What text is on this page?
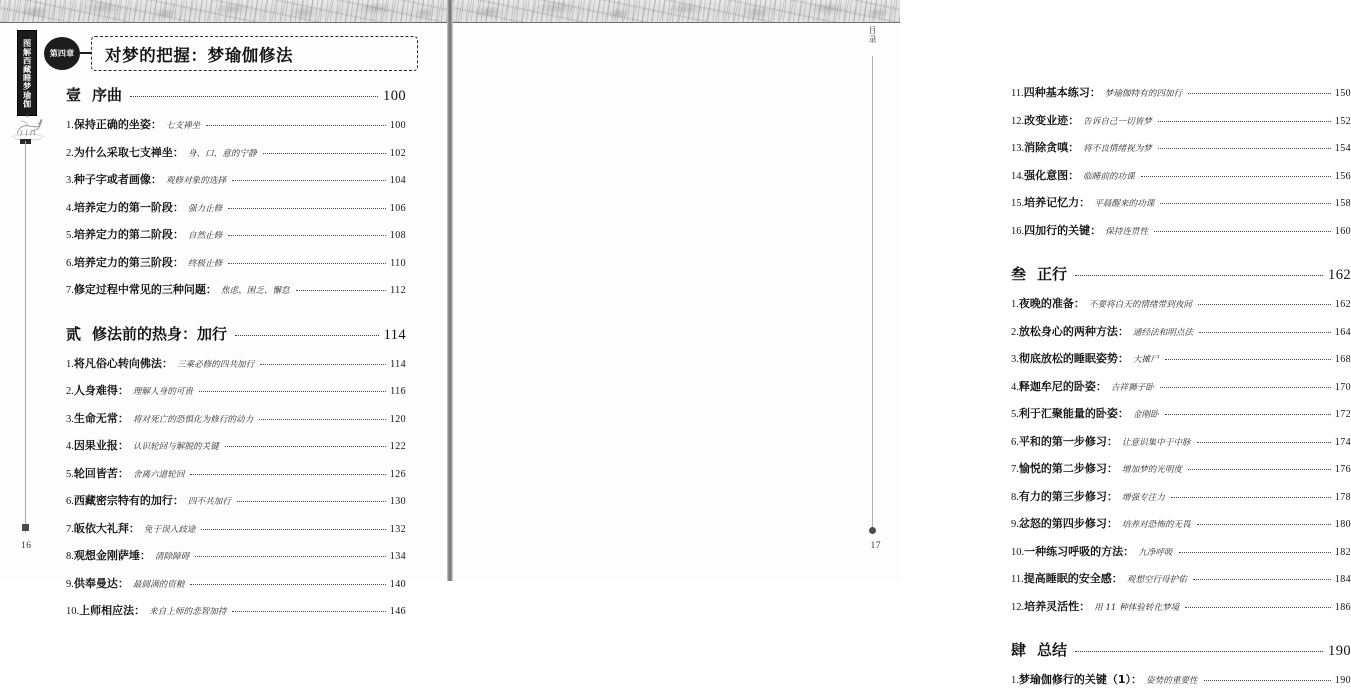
图解西藏睡梦瑜伽
16
第四章	对梦的把握：梦瑜伽修法
壹 序曲	100
1. 保持正确的坐姿： 七支禅坐	100
2. 为什么采取七支禅坐： 身、口、意的宁静	102
3. 种子字或者画像： 观修对象的选择	104
4. 培养定力的第一阶段： 强力止修	106
5. 培养定力的第二阶段： 自然止修	108
6. 培养定力的第三阶段： 终极止修	110
7. 修定过程中常见的三种问题： 焦虑、困乏、懈怠	112
贰 修法前的热身：加行	114
1. 将凡俗心转向佛法： 三乘必修的四共加行	114
2. 人身难得： 理解人身的可贵	116
3. 生命无常： 将对死亡的恐惧化为修行的动力	120
4. 因果业报： 认识轮回与解脱的关键	122
5. 轮回皆苦： 舍离六道轮回	126
6. 西藏密宗特有的加行： 四不共加行	130
7. 皈依大礼拜： 免于误入歧途	132
8. 观想金刚萨埵： 清除障碍	134
9. 供奉曼达： 最圆满的资粮	140
10. 上师相应法： 来自上师的悲智加持	146
目录
17
11. 四种基本练习： 梦瑜伽特有的四加行	150
12. 改变业迹： 告诉自己一切皆梦	152
13. 消除贪嗔： 将不良情绪视为梦	154
14. 强化意图： 临睡前的功课	156
15. 培养记忆力： 平晨醒来的功课	158
16. 四加行的关键： 保持连贯性	160
叁 正行	162
1. 夜晚的准备： 不要将白天的情绪带到夜间	162
2. 放松身心的两种方法： 通经法和明点法	164
3. 彻底放松的睡眠姿势： 大摊尸	168
4. 释迦牟尼的卧姿： 吉祥狮子卧	170
5. 利于汇聚能量的卧姿： 金刚卧	172
6. 平和的第一步修习： 让意识集中于中脉	174
7. 愉悦的第二步修习： 增加梦的光明度	176
8. 有力的第三步修习： 增强专注力	178
9. 忿怒的第四步修习： 培养对恐怖的无畏	180
10. 一种练习呼吸的方法： 九净呼吸	182
11. 提高睡眠的安全感： 观想空行母护佑	184
12. 培养灵活性： 用 11 种体验转化梦境	186
肆 总结	190
1. 梦瑜伽修行的关键（1）： 姿势的重要性	190
